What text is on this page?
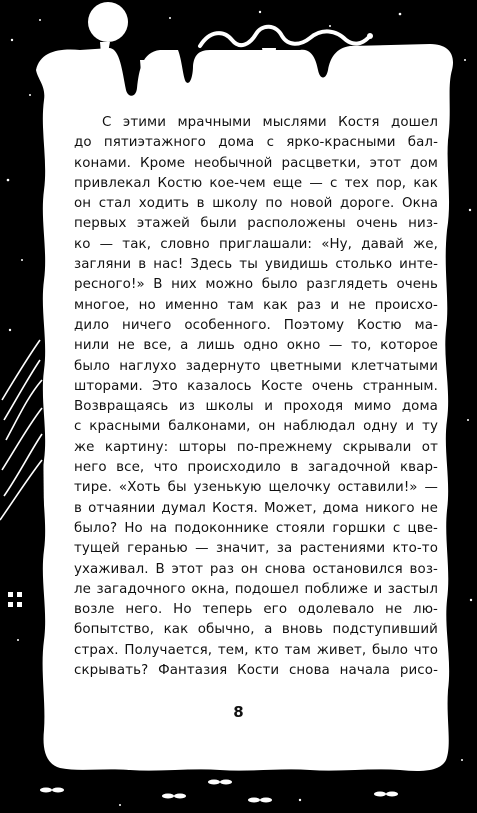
С этими мрачными мыслями Костя дошел
до пятиэтажного дома с ярко-красными бал-
конами. Кроме необычной расцветки, этот дом
привлекал Костю кое-чем еще — с тех пор, как
он стал ходить в школу по новой дороге. Окна
первых этажей были расположены очень низ-
ко — так, словно приглашали: «Ну, давай же,
загляни в нас! Здесь ты увидишь столько инте-
ресного!» В них можно было разглядеть очень
многое, но именно там как раз и не происхо-
дило ничего особенного. Поэтому Костю ма-
нили не все, а лишь одно окно — то, которое
было наглухо задернуто цветными клетчатыми
шторами. Это казалось Косте очень странным.
Возвращаясь из школы и проходя мимо дома
с красными балконами, он наблюдал одну и ту
же картину: шторы по-прежнему скрывали от
него все, что происходило в загадочной квар-
тире. «Хоть бы узенькую щелочку оставили!» —
в отчаянии думал Костя. Может, дома никого не
было? Но на подоконнике стояли горшки с цве-
тущей геранью — значит, за растениями кто-то
ухаживал. В этот раз он снова остановился воз-
ле загадочного окна, подошел поближе и застыл
возле него. Но теперь его одолевало не лю-
бопытство, как обычно, а вновь подступивший
страх. Получается, тем, кто там живет, было что
скрывать? Фантазия Кости снова начала рисо-
8
